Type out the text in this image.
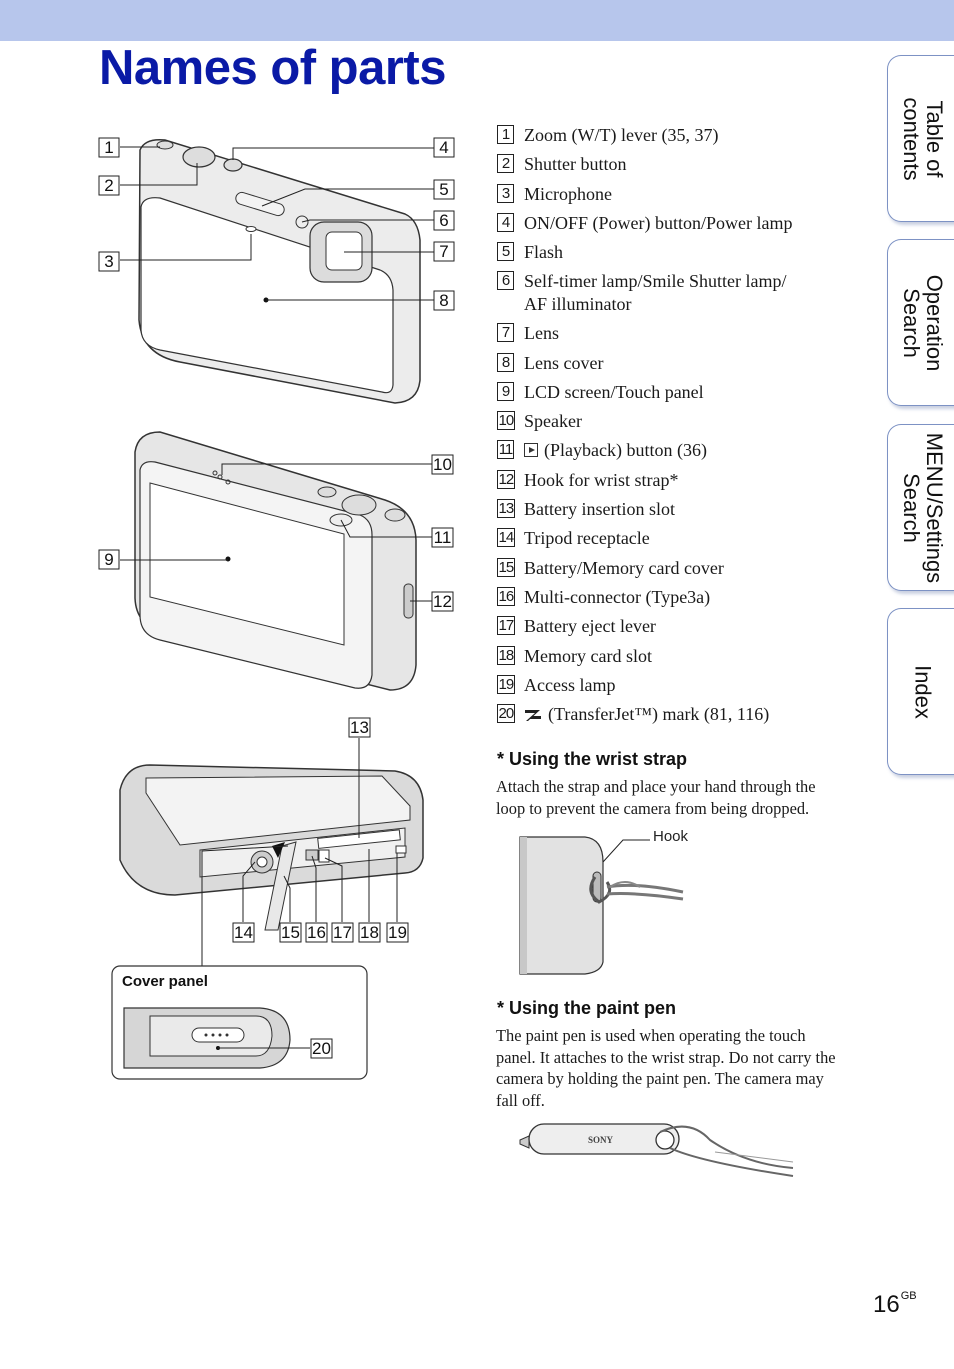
Names of parts
Table of
contents
Operation
Search
MENU/Settings
Search
Index
Cover panel
1
2
3
4
5
6
7
8
9
10
11
12
13
14 15 16 17 18 19
20
1 Zoom (W/T) lever (35, 37)
2 Shutter button
3 Microphone
4 ON/OFF (Power) button/Power lamp
5 Flash
6 Self-timer lamp/Smile Shutter lamp/
AF illuminator
7 Lens
8 Lens cover
9 LCD screen/Touch panel
10 Speaker
11 (Playback) button (36)
12 Hook for wrist strap*
13 Battery insertion slot
14 Tripod receptacle
15 Battery/Memory card cover
16 Multi-connector (Type3a)
17 Battery eject lever
18 Memory card slot
19 Access lamp
20 (TransferJet™) mark (81, 116)
* Using the wrist strap

Attach the strap and place your hand through the loop to prevent the camera from being dropped.

Hook
* Using the paint pen

The paint pen is used when operating the touch panel. It attaches to the wrist strap. Do not carry the camera by holding the paint pen. The camera may fall off.

SONY
$16^{GB}$
